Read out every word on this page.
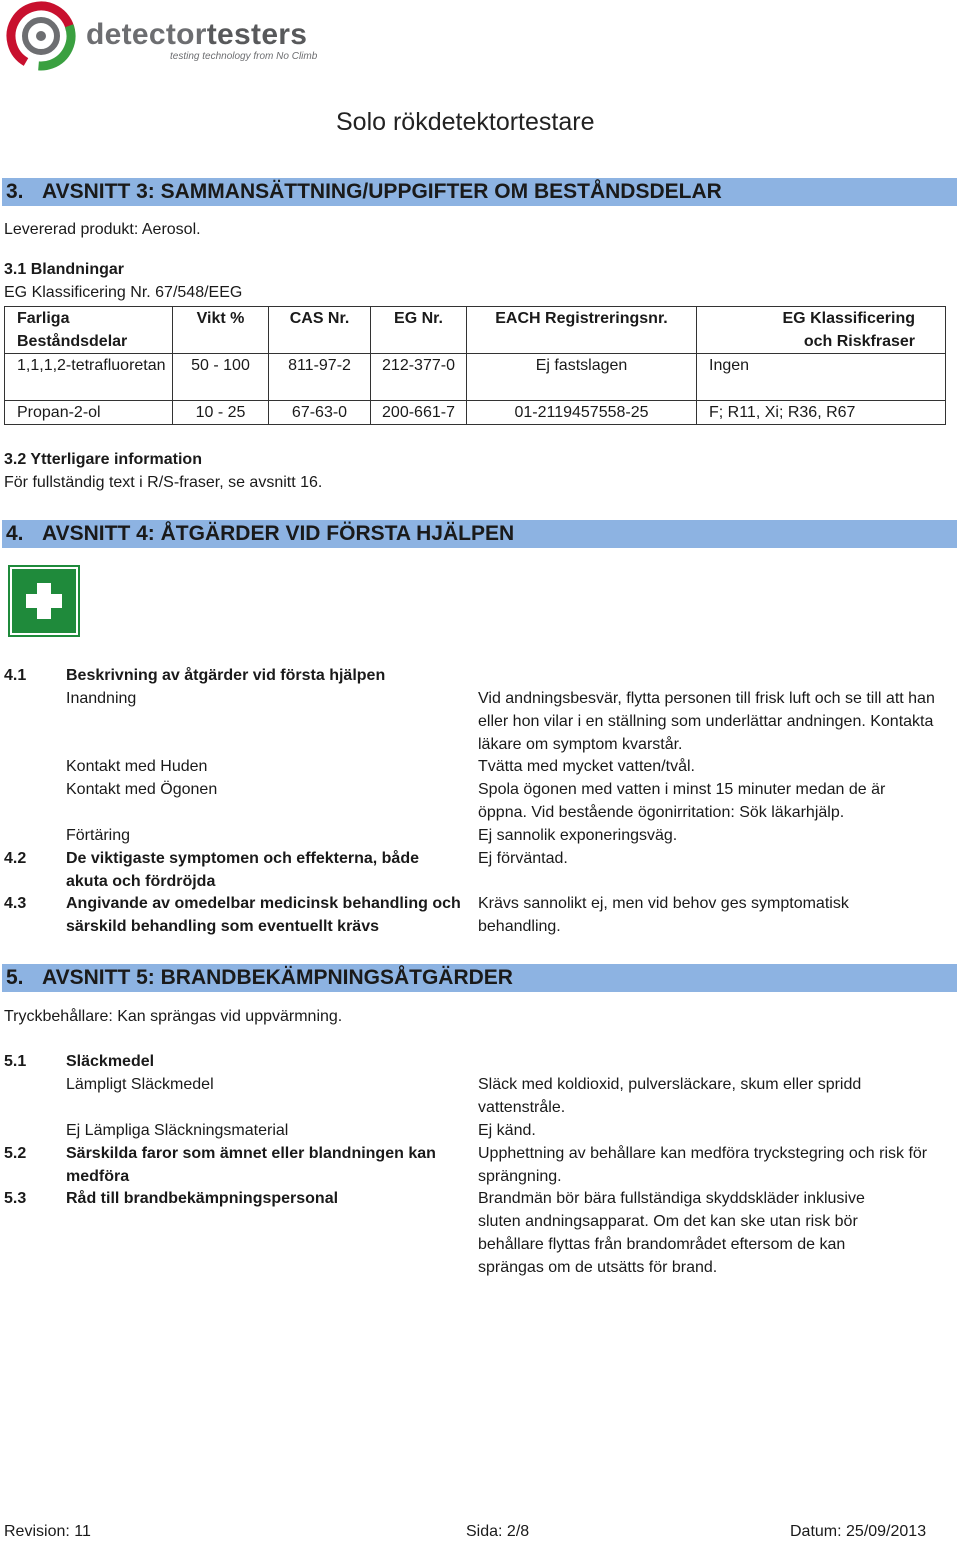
detectortesters
testing technology from No Climb
Solo rökdetektortestare
3. AVSNITT 3: SAMMANSÄTTNING/UPPGIFTER OM BESTÅNDSDELAR
Levererad produkt: Aerosol.
3.1 Blandningar
EG Klassificering Nr. 67/548/EEG
Farliga Beståndsdelar	Vikt %	CAS Nr.	EG Nr.	EACH Registreringsnr.	EG Klassificering och Riskfraser
1,1,1,2-tetrafluoretan	50 - 100	811-97-2	212-377-0	Ej fastslagen	Ingen
Propan-2-ol	10 - 25	67-63-0	200-661-7	01-2119457558-25	F; R11, Xi; R36, R67
3.2 Ytterligare information
För fullständig text i R/S-fraser, se avsnitt 16.
4. AVSNITT 4: ÅTGÄRDER VID FÖRSTA HJÄLPEN
4.1 Beskrivning av åtgärder vid första hjälpen
Inandning	Vid andningsbesvär, flytta personen till frisk luft och se till att han eller hon vilar i en ställning som underlättar andningen. Kontakta läkare om symptom kvarstår.
Kontakt med Huden	Tvätta med mycket vatten/tvål.
Kontakt med Ögonen	Spola ögonen med vatten i minst 15 minuter medan de är öppna. Vid bestående ögonirritation: Sök läkarhjälp.
Förtäring	Ej sannolik exponeringsväg.
4.2 De viktigaste symptomen och effekterna, både akuta och fördröjda
Ej förväntad.
4.3 Angivande av omedelbar medicinsk behandling och särskild behandling som eventuellt krävs
Krävs sannolikt ej, men vid behov ges symptomatisk behandling.
5. AVSNITT 5: BRANDBEKÄMPNINGSÅTGÄRDER
Tryckbehållare: Kan sprängas vid uppvärmning.
5.1 Släckmedel
Lämpligt Släckmedel	Släck med koldioxid, pulversläckare, skum eller spridd vattenstråle.
Ej Lämpliga Släckningsmaterial	Ej känd.
5.2 Särskilda faror som ämnet eller blandningen kan medföra
Upphettning av behållare kan medföra tryckstegring och risk för sprängning.
5.3 Råd till brandbekämpningspersonal	Brandmän bör bära fullständiga skyddskläder inklusive sluten andningsapparat. Om det kan ske utan risk bör behållare flyttas från brandområdet eftersom de kan sprängas om de utsätts för brand.
Revision: 11	Sida: 2/8	Datum: 25/09/2013
